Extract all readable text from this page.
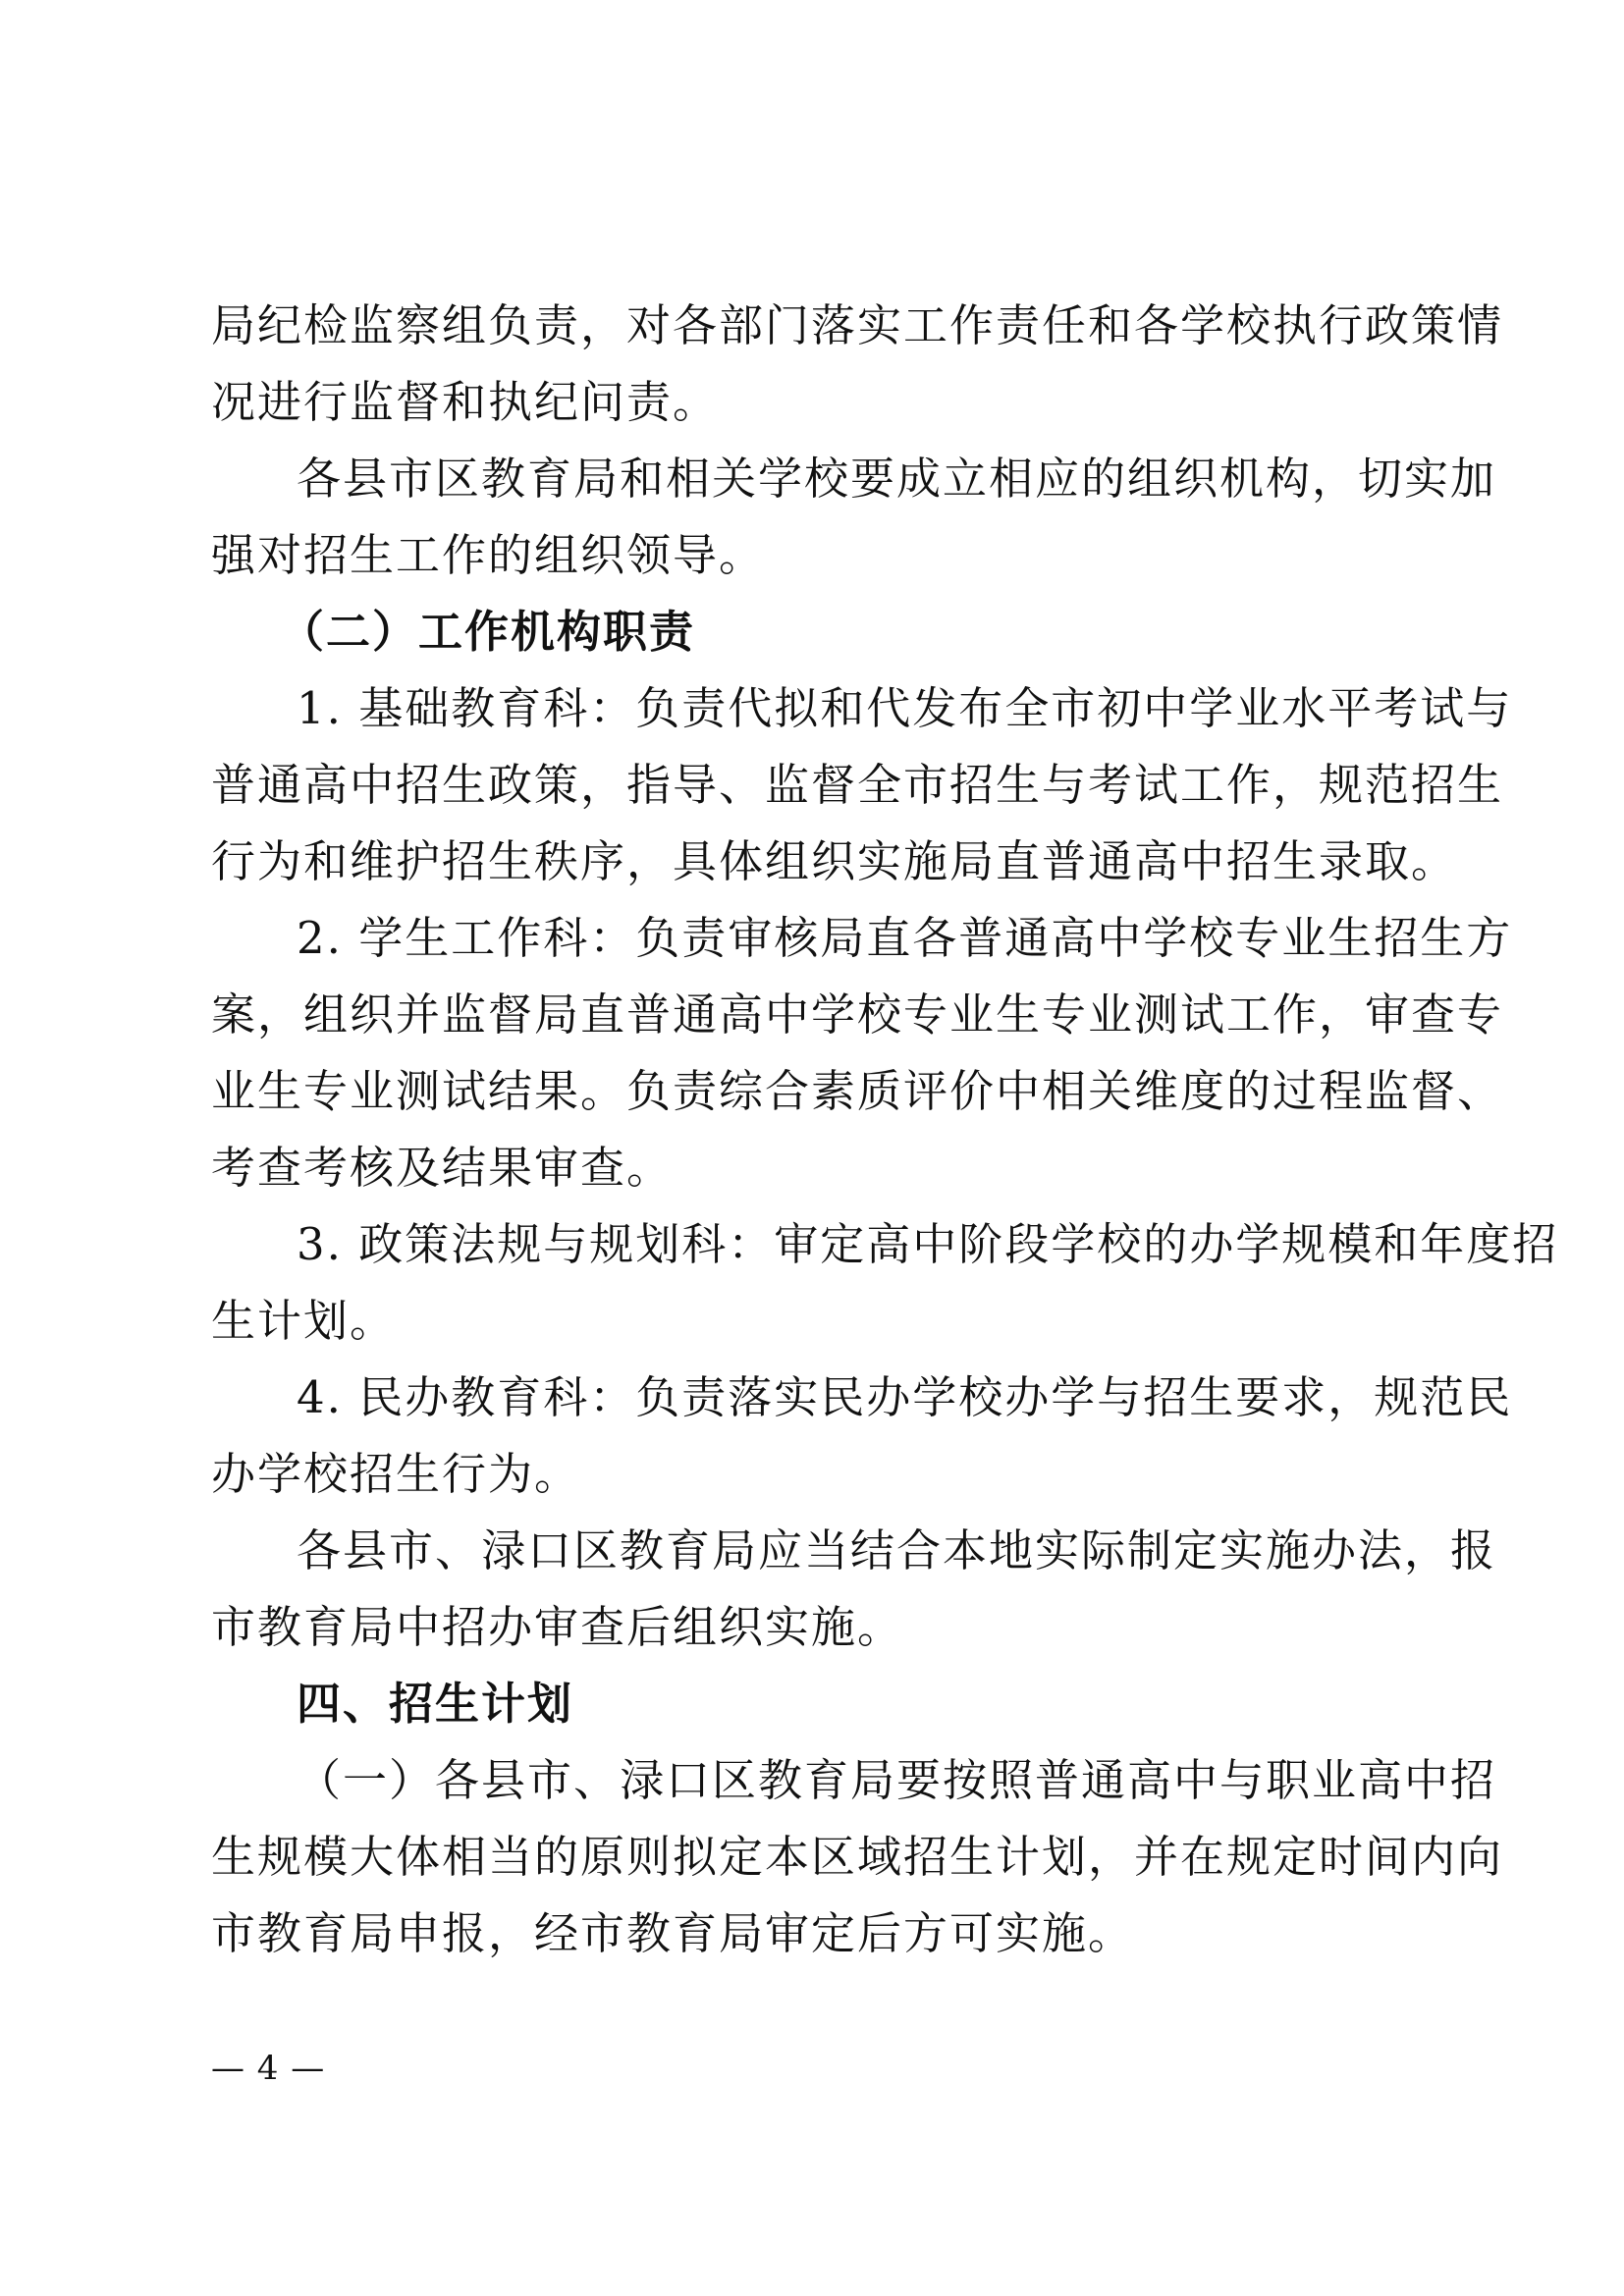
局纪检监察组负责，对各部门落实工作责任和各学校执行政策情
况进行监督和执纪问责。
各县市区教育局和相关学校要成立相应的组织机构，切实加
强对招生工作的组织领导。
（二）工作机构职责
1. 基础教育科：负责代拟和代发布全市初中学业水平考试与
普通高中招生政策，指导、监督全市招生与考试工作，规范招生
行为和维护招生秩序，具体组织实施局直普通高中招生录取。
2. 学生工作科：负责审核局直各普通高中学校专业生招生方
案，组织并监督局直普通高中学校专业生专业测试工作，审查专
业生专业测试结果。负责综合素质评价中相关维度的过程监督、
考查考核及结果审查。
3. 政策法规与规划科：审定高中阶段学校的办学规模和年度招
生计划。
4. 民办教育科：负责落实民办学校办学与招生要求，规范民
办学校招生行为。
各县市、渌口区教育局应当结合本地实际制定实施办法，报
市教育局中招办审查后组织实施。
四、招生计划
（一）各县市、渌口区教育局要按照普通高中与职业高中招
生规模大体相当的原则拟定本区域招生计划，并在规定时间内向
市教育局申报，经市教育局审定后方可实施。
— 4 —
